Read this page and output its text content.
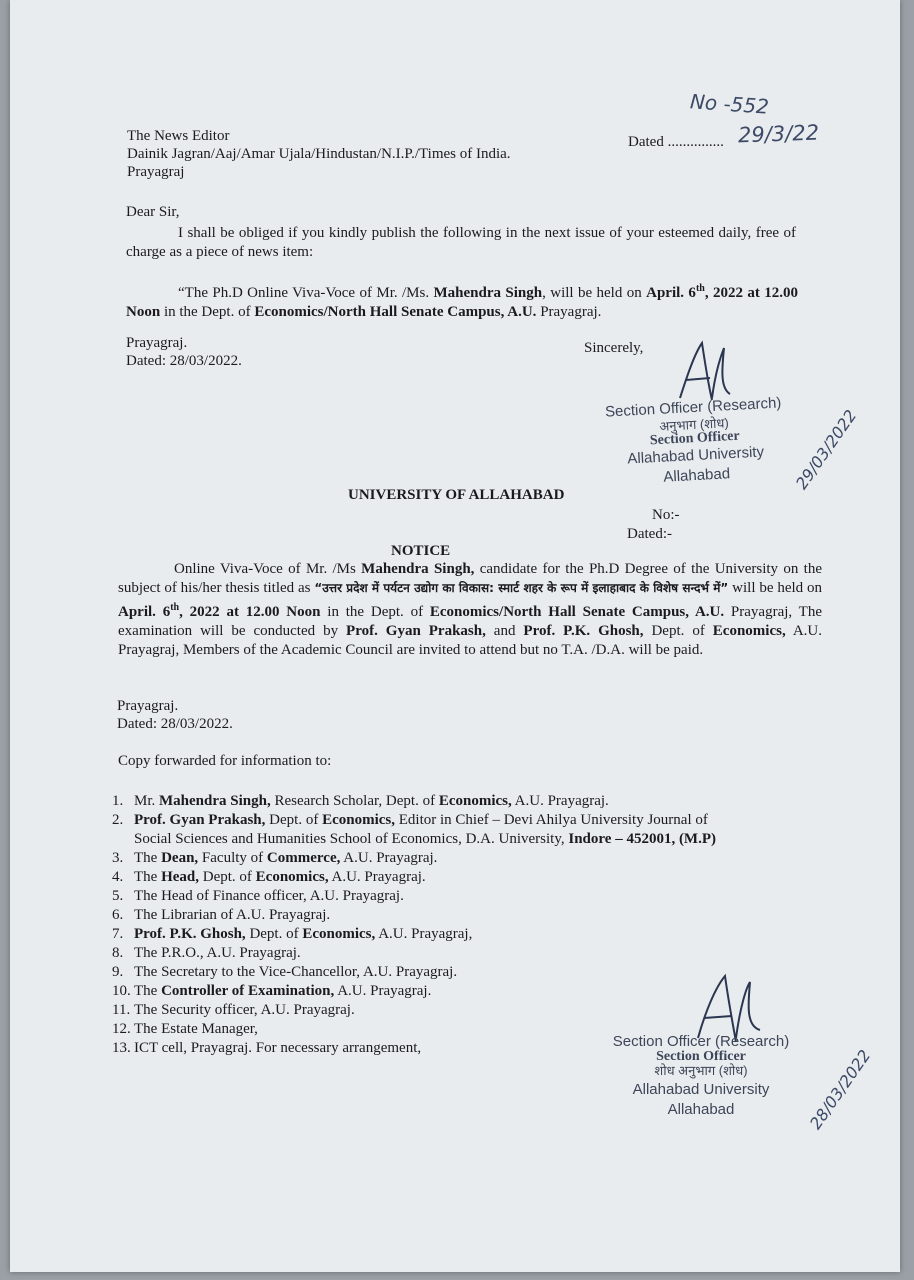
No -552
The News Editor
Dainik Jagran/Aaj/Amar Ujala/Hindustan/N.I.P./Times of India.
Prayagraj
Dated ............... 29/3/22
Dear Sir,
I shall be obliged if you kindly publish the following in the next issue of your esteemed daily, free of charge as a piece of news item:
“The Ph.D Online Viva-Voce of Mr. /Ms. Mahendra Singh, will be held on April. 6th, 2022 at 12.00 Noon in the Dept. of Economics/North Hall Senate Campus, A.U. Prayagraj.
Prayagraj.
Dated: 28/03/2022.
Sincerely,
Section Officer (Research)
अनुभाग (शोध)
Section Officer
Allahabad University
Allahabad	29/03/2022
UNIVERSITY OF ALLAHABAD
No:-
Dated:-
NOTICE
Online Viva-Voce of Mr. /Ms Mahendra Singh, candidate for the Ph.D Degree of the University on the subject of his/her thesis titled as “उत्तर प्रदेश में पर्यटन उद्योग का विकास: स्मार्ट शहर के रूप में इलाहाबाद के विशेष सन्दर्भ में” will be held on April. 6th, 2022 at 12.00 Noon in the Dept. of Economics/North Hall Senate Campus, A.U. Prayagraj, The examination will be conducted by Prof. Gyan Prakash, and Prof. P.K. Ghosh, Dept. of Economics, A.U. Prayagraj, Members of the Academic Council are invited to attend but no T.A. /D.A. will be paid.
Prayagraj.
Dated: 28/03/2022.
Copy forwarded for information to:
1. Mr. Mahendra Singh, Research Scholar, Dept. of Economics, A.U. Prayagraj.
2. Prof. Gyan Prakash, Dept. of Economics, Editor in Chief – Devi Ahilya University Journal of
Social Sciences and Humanities School of Economics, D.A. University, Indore – 452001, (M.P)
3. The Dean, Faculty of Commerce, A.U. Prayagraj.
4. The Head, Dept. of Economics, A.U. Prayagraj.
5. The Head of Finance officer, A.U. Prayagraj.
6. The Librarian of A.U. Prayagraj.
7. Prof. P.K. Ghosh, Dept. of Economics, A.U. Prayagraj,
8. The P.R.O., A.U. Prayagraj.
9. The Secretary to the Vice-Chancellor, A.U. Prayagraj.
10. The Controller of Examination, A.U. Prayagraj.
11. The Security officer, A.U. Prayagraj.
12. The Estate Manager,
13. ICT cell, Prayagraj. For necessary arrangement,	Section Officer (Research)
Section Officer
शोध अनुभाग (शोध)
Allahabad University
Allahabad	28/03/2022
